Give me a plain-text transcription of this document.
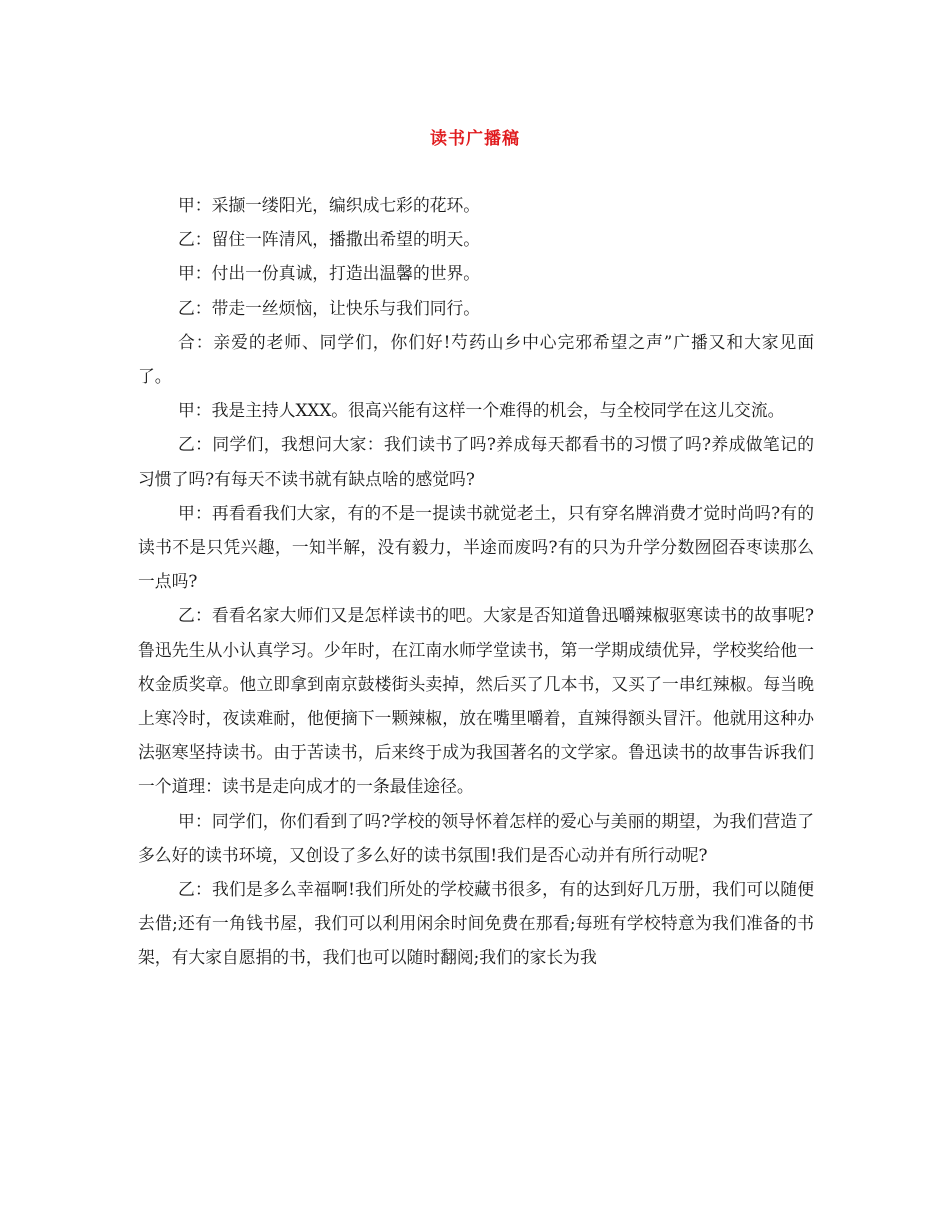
读书广播稿

甲：采撷一缕阳光，编织成七彩的花环。

乙：留住一阵清风，播撒出希望的明天。

甲：付出一份真诚，打造出温馨的世界。

乙：带走一丝烦恼，让快乐与我们同行。

合：亲爱的老师、同学们，你们好!芍药山乡中心完邪希望之声”广播又和大家见面了。

甲：我是主持人XXX。很高兴能有这样一个难得的机会，与全校同学在这儿交流。

乙：同学们，我想问大家：我们读书了吗?养成每天都看书的习惯了吗?养成做笔记的习惯了吗?有每天不读书就有缺点啥的感觉吗?

甲：再看看我们大家，有的不是一提读书就觉老土，只有穿名牌消费才觉时尚吗?有的读书不是只凭兴趣，一知半解，没有毅力，半途而废吗?有的只为升学分数囫囵吞枣读那么一点吗?

乙：看看名家大师们又是怎样读书的吧。大家是否知道鲁迅嚼辣椒驱寒读书的故事呢?鲁迅先生从小认真学习。少年时，在江南水师学堂读书，第一学期成绩优异，学校奖给他一枚金质奖章。他立即拿到南京鼓楼街头卖掉，然后买了几本书，又买了一串红辣椒。每当晚上寒冷时，夜读难耐，他便摘下一颗辣椒，放在嘴里嚼着，直辣得额头冒汗。他就用这种办法驱寒坚持读书。由于苦读书，后来终于成为我国著名的文学家。鲁迅读书的故事告诉我们一个道理：读书是走向成才的一条最佳途径。

甲：同学们，你们看到了吗?学校的领导怀着怎样的爱心与美丽的期望，为我们营造了多么好的读书环境，又创设了多么好的读书氛围!我们是否心动并有所行动呢?

乙：我们是多么幸福啊!我们所处的学校藏书很多，有的达到好几万册，我们可以随便去借;还有一角钱书屋，我们可以利用闲余时间免费在那看;每班有学校特意为我们准备的书架，有大家自愿捐的书，我们也可以随时翻阅;我们的家长为我
